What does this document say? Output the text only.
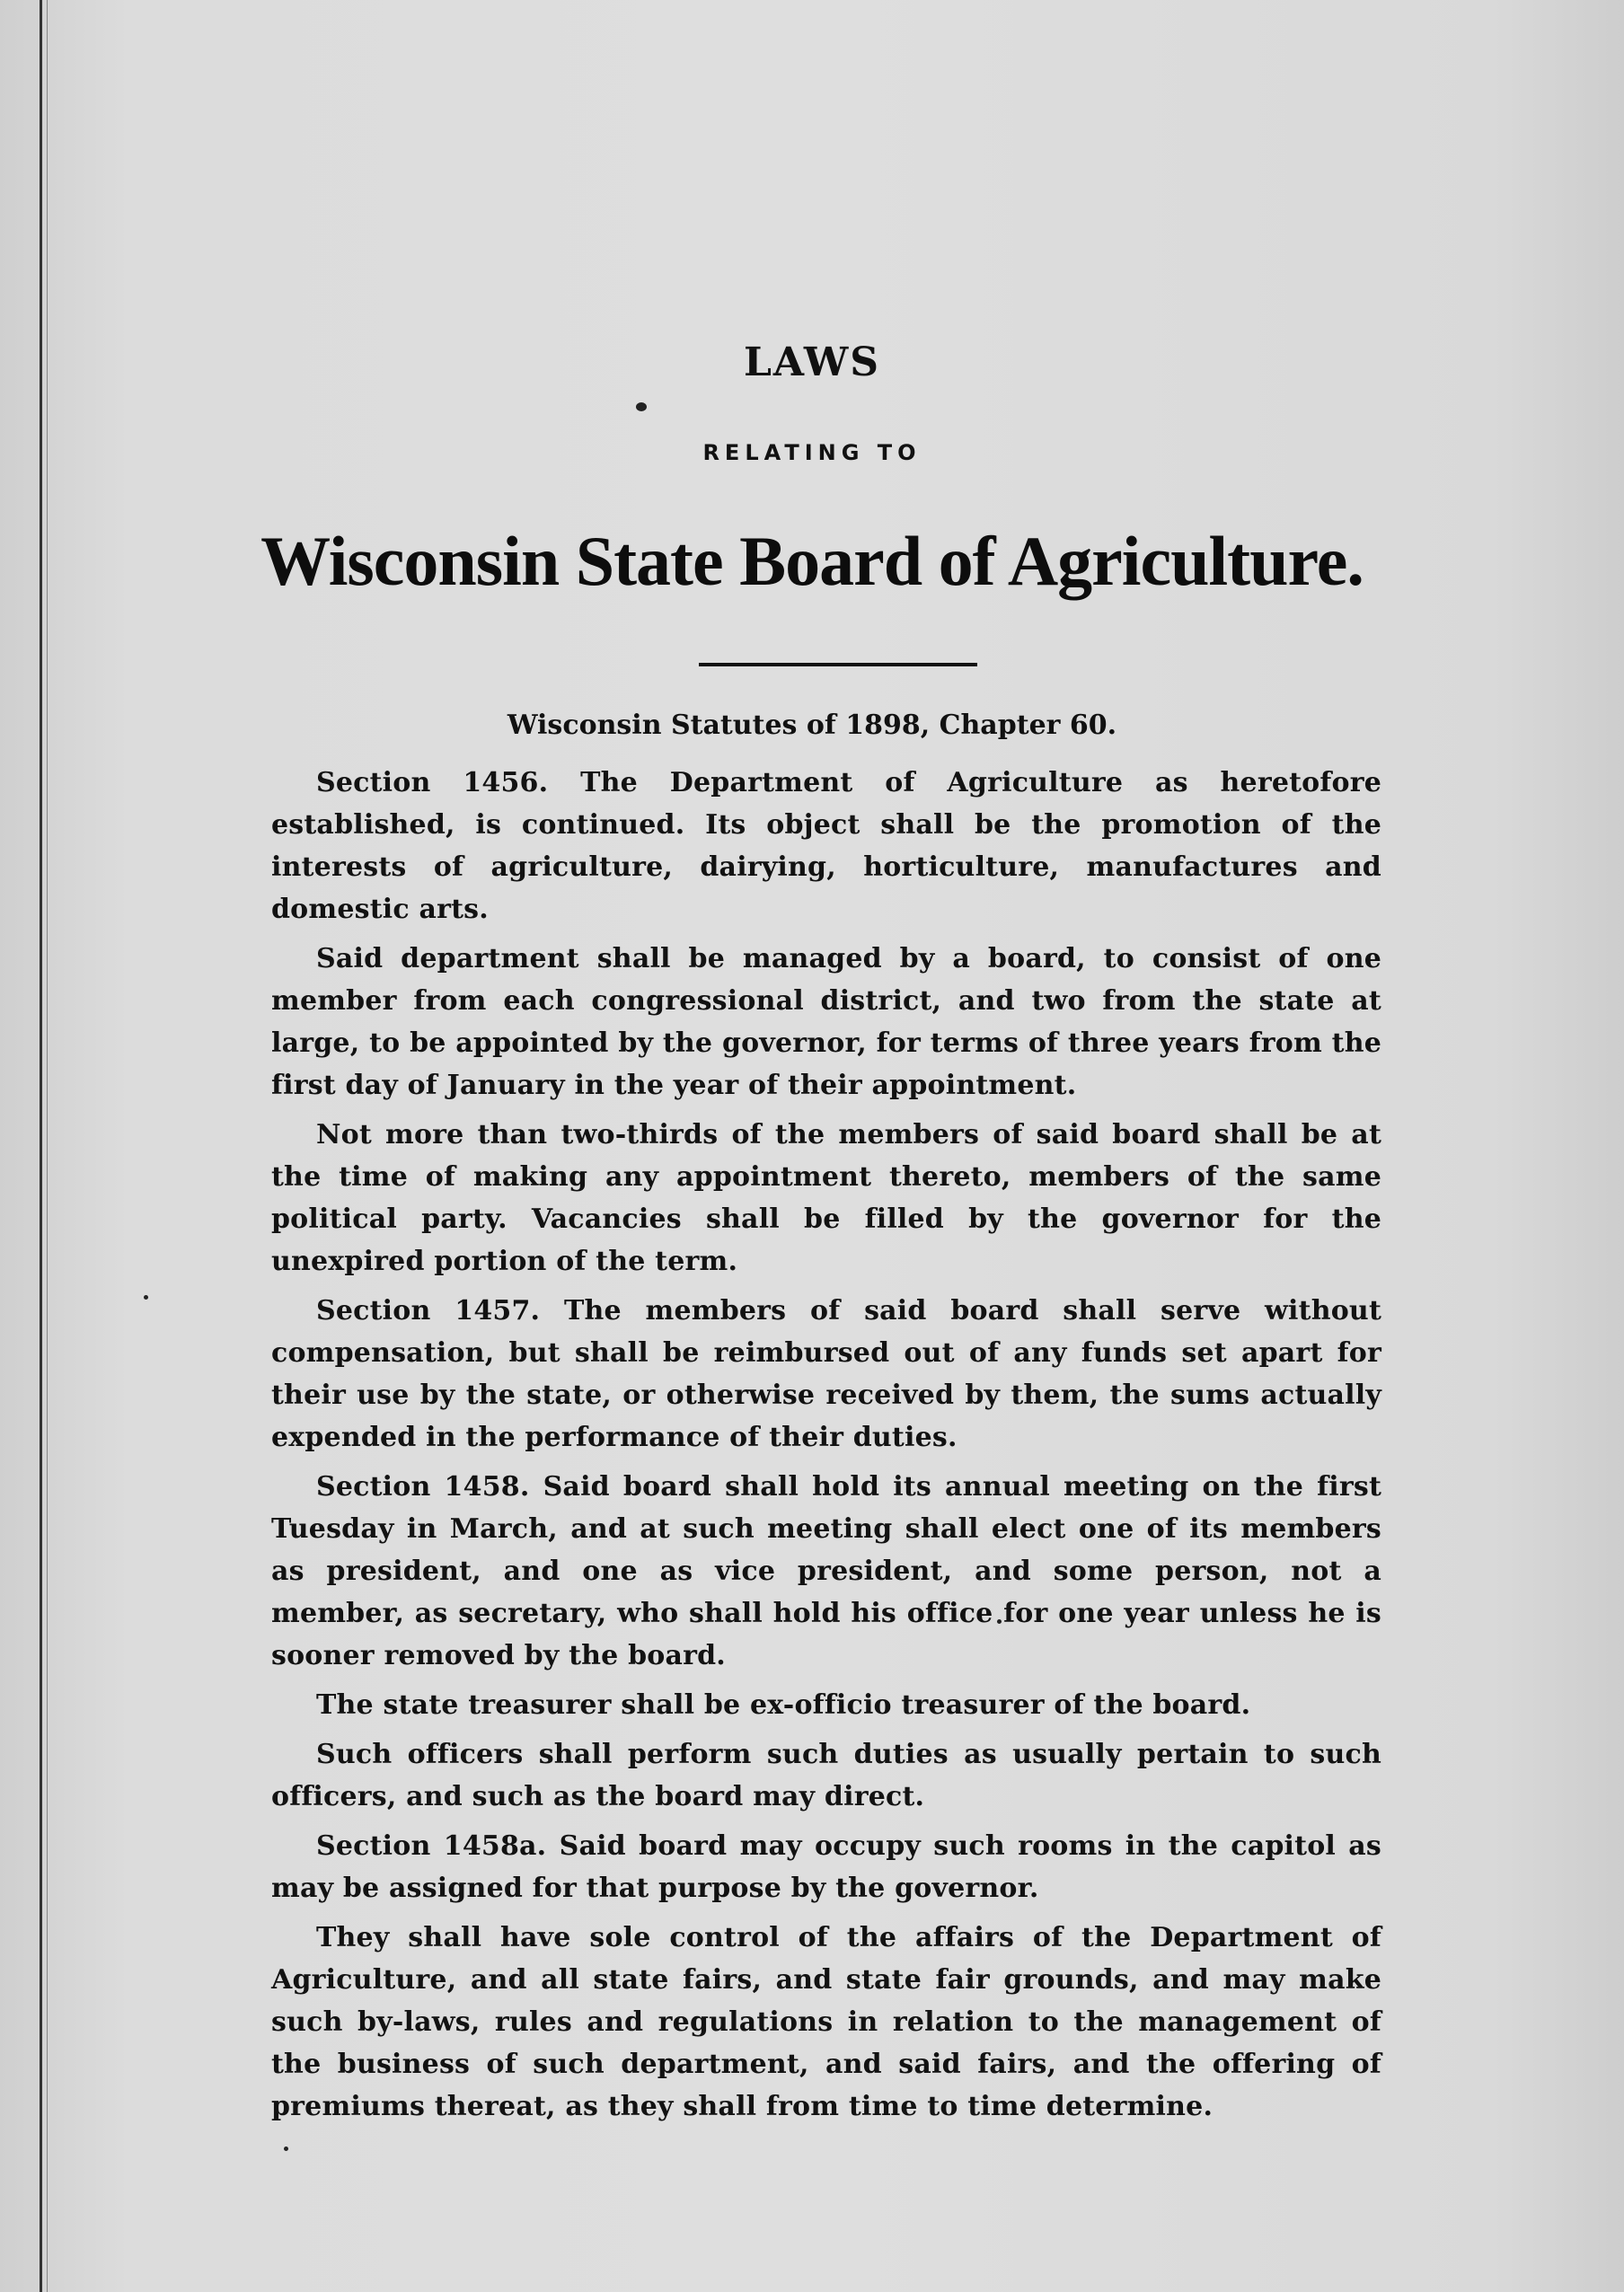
LAWS
RELATING TO
Wisconsin State Board of Agriculture.
Wisconsin Statutes of 1898, Chapter 60.

Section 1456. The Department of Agriculture as heretofore established, is continued. Its object shall be the promotion of the interests of agriculture, dairying, horticulture, manufactures and domestic arts.

Said department shall be managed by a board, to consist of one member from each congressional district, and two from the state at large, to be appointed by the governor, for terms of three years from the first day of January in the year of their appointment.

Not more than two-thirds of the members of said board shall be at the time of making any appointment thereto, members of the same political party. Vacancies shall be filled by the governor for the unexpired portion of the term.

Section 1457. The members of said board shall serve without compensation, but shall be reimbursed out of any funds set apart for their use by the state, or otherwise received by them, the sums actually expended in the performance of their duties.

Section 1458. Said board shall hold its annual meeting on the first Tuesday in March, and at such meeting shall elect one of its members as president, and one as vice president, and some person, not a member, as secretary, who shall hold his office for one year unless he is sooner removed by the board.

The state treasurer shall be ex-officio treasurer of the board.

Such officers shall perform such duties as usually pertain to such officers, and such as the board may direct.

Section 1458a. Said board may occupy such rooms in the capitol as may be assigned for that purpose by the governor.

They shall have sole control of the affairs of the Department of Agriculture, and all state fairs, and state fair grounds, and may make such by-laws, rules and regulations in relation to the management of the business of such department, and said fairs, and the offering of premiums thereat, as they shall from time to time determine.
